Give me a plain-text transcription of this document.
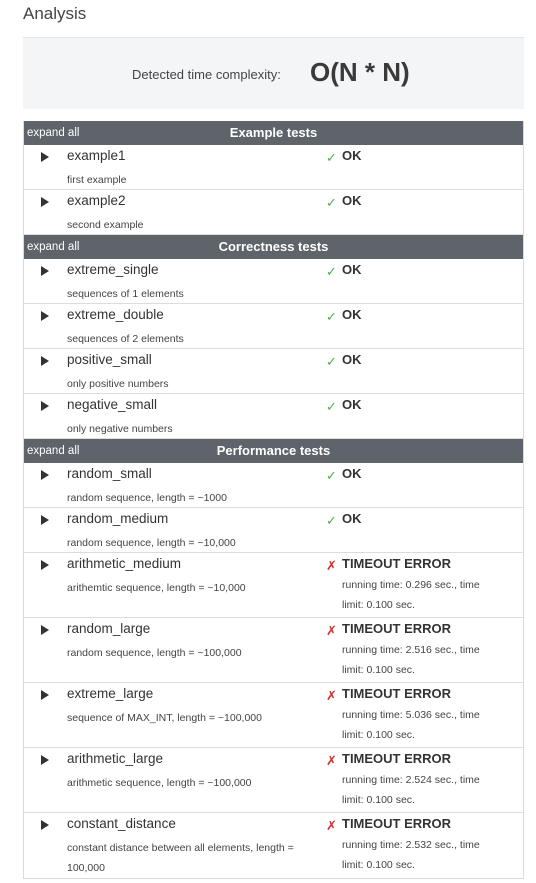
Analysis
Detected time complexity: O(N * N)
Example tests
expand all
example1
first example
✓ OK
example2
second example
✓ OK
Correctness tests
expand all
extreme_single
sequences of 1 elements
✓ OK
extreme_double
sequences of 2 elements
✓ OK
positive_small
only positive numbers
✓ OK
negative_small
only negative numbers
✓ OK
Performance tests
expand all
random_small
random sequence, length = ~1000
✓ OK
random_medium
random sequence, length = ~10,000
✓ OK
arithmetic_medium
arithemtic sequence, length = ~10,000
✗ TIMEOUT ERROR
running time: 0.296 sec., time limit: 0.100 sec.
random_large
random sequence, length = ~100,000
✗ TIMEOUT ERROR
running time: 2.516 sec., time limit: 0.100 sec.
extreme_large
sequence of MAX_INT, length = ~100,000
✗ TIMEOUT ERROR
running time: 5.036 sec., time limit: 0.100 sec.
arithmetic_large
arithmetic sequence, length = ~100,000
✗ TIMEOUT ERROR
running time: 2.524 sec., time limit: 0.100 sec.
constant_distance
constant distance between all elements, length = 100,000
✗ TIMEOUT ERROR
running time: 2.532 sec., time limit: 0.100 sec.
